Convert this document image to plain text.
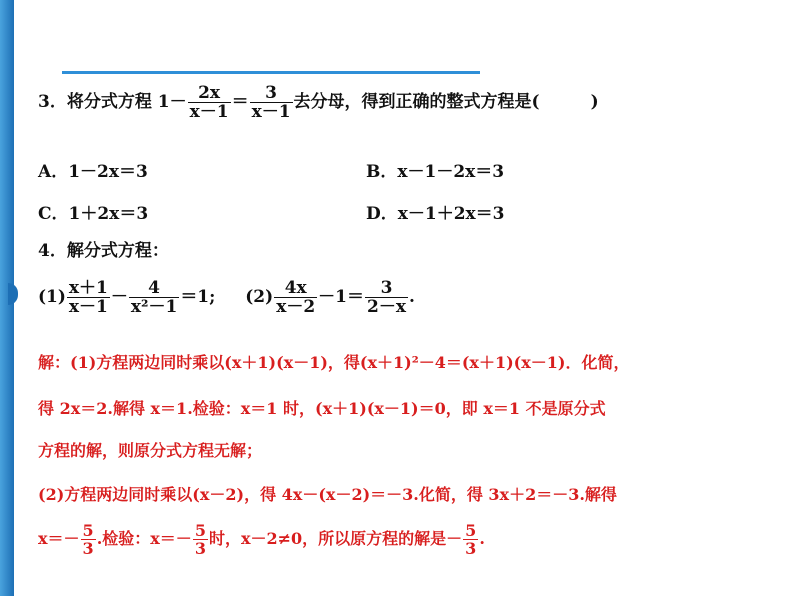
3．将分式方程 $1- \frac{2x}{x-1} = \frac{3}{x-1}$ 去分母，得到正确的整式方程是(　　　)
A．1－2x＝3	B．x－1－2x＝3
C．1＋2x＝3	D．x－1＋2x＝3
4．解分式方程：
$(1) \frac{x+1}{x-1} - \frac{4}{\text{x²－1}} =1$; $(2) \frac{4x}{x-2} -1= \frac{3}{2-x}$ .
解：(1)方程两边同时乘以(x＋1)(x－1)，得(x＋1)²－4＝(x＋1)(x－1)．化简，
得 2x＝2.解得 x＝1.检验：x＝1 时，(x＋1)(x－1)＝0，即 x＝1 不是原分式
方程的解，则原分式方程无解；
(2)方程两边同时乘以(x－2)，得 4x－(x－2)＝－3.化简，得 3x＋2＝－3.解得
$x=- \frac{5}{3}$ .检验：$x=- \frac{5}{3}$ 时，x－2≠0，所以原方程的解是－ $\frac{5}{3}$ .
